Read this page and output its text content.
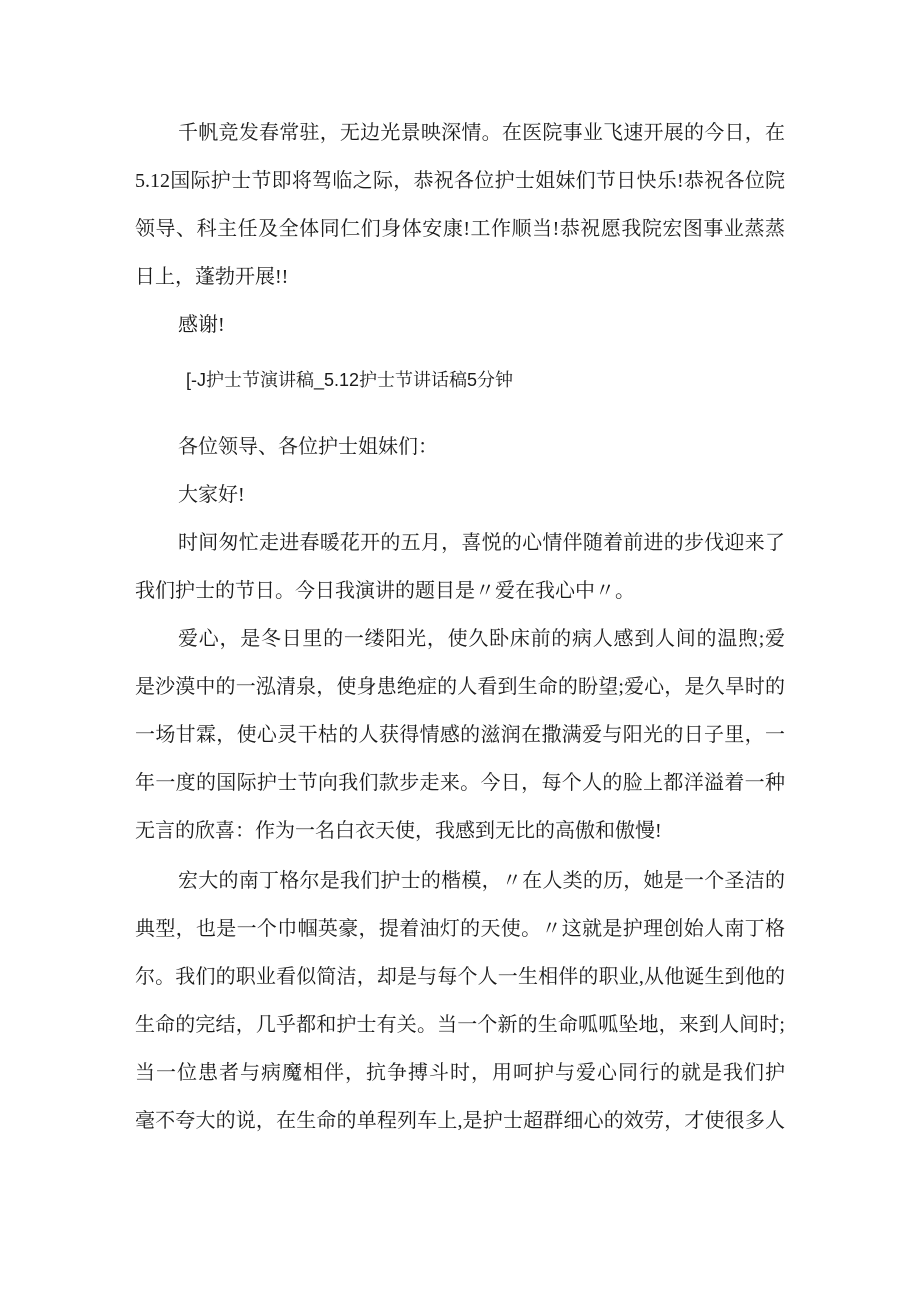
千帆竞发春常驻，无边光景映深情。在医院事业飞速开展的今日，在
5.12国际护士节即将驾临之际，恭祝各位护士姐妹们节日快乐!恭祝各位院
领导、科主任及全体同仁们身体安康!工作顺当!恭祝愿我院宏图事业蒸蒸
日上，蓬勃开展!!
感谢!
[-J护士节演讲稿_5.12护士节讲话稿5分钟
各位领导、各位护士姐妹们：
大家好!
时间匆忙走进春暖花开的五月，喜悦的心情伴随着前进的步伐迎来了
我们护士的节日。今日我演讲的题目是〃爱在我心中〃。
爱心，是冬日里的一缕阳光，使久卧床前的病人感到人间的温煦;爱
是沙漠中的一泓清泉，使身患绝症的人看到生命的盼望;爱心，是久旱时的
一场甘霖，使心灵干枯的人获得情感的滋润在撒满爱与阳光的日子里，一
年一度的国际护士节向我们款步走来。今日，每个人的脸上都洋溢着一种
无言的欣喜：作为一名白衣天使，我感到无比的高傲和傲慢!
宏大的南丁格尔是我们护士的楷模，〃在人类的历，她是一个圣洁的
典型，也是一个巾帼英豪，提着油灯的天使。〃这就是护理创始人南丁格
尔。我们的职业看似简洁，却是与每个人一生相伴的职业,从他诞生到他的
生命的完结，几乎都和护士有关。当一个新的生命呱呱坠地，来到人间时;
当一位患者与病魔相伴，抗争搏斗时，用呵护与爱心同行的就是我们护
毫不夸大的说，在生命的单程列车上,是护士超群细心的效劳，才使很多人
